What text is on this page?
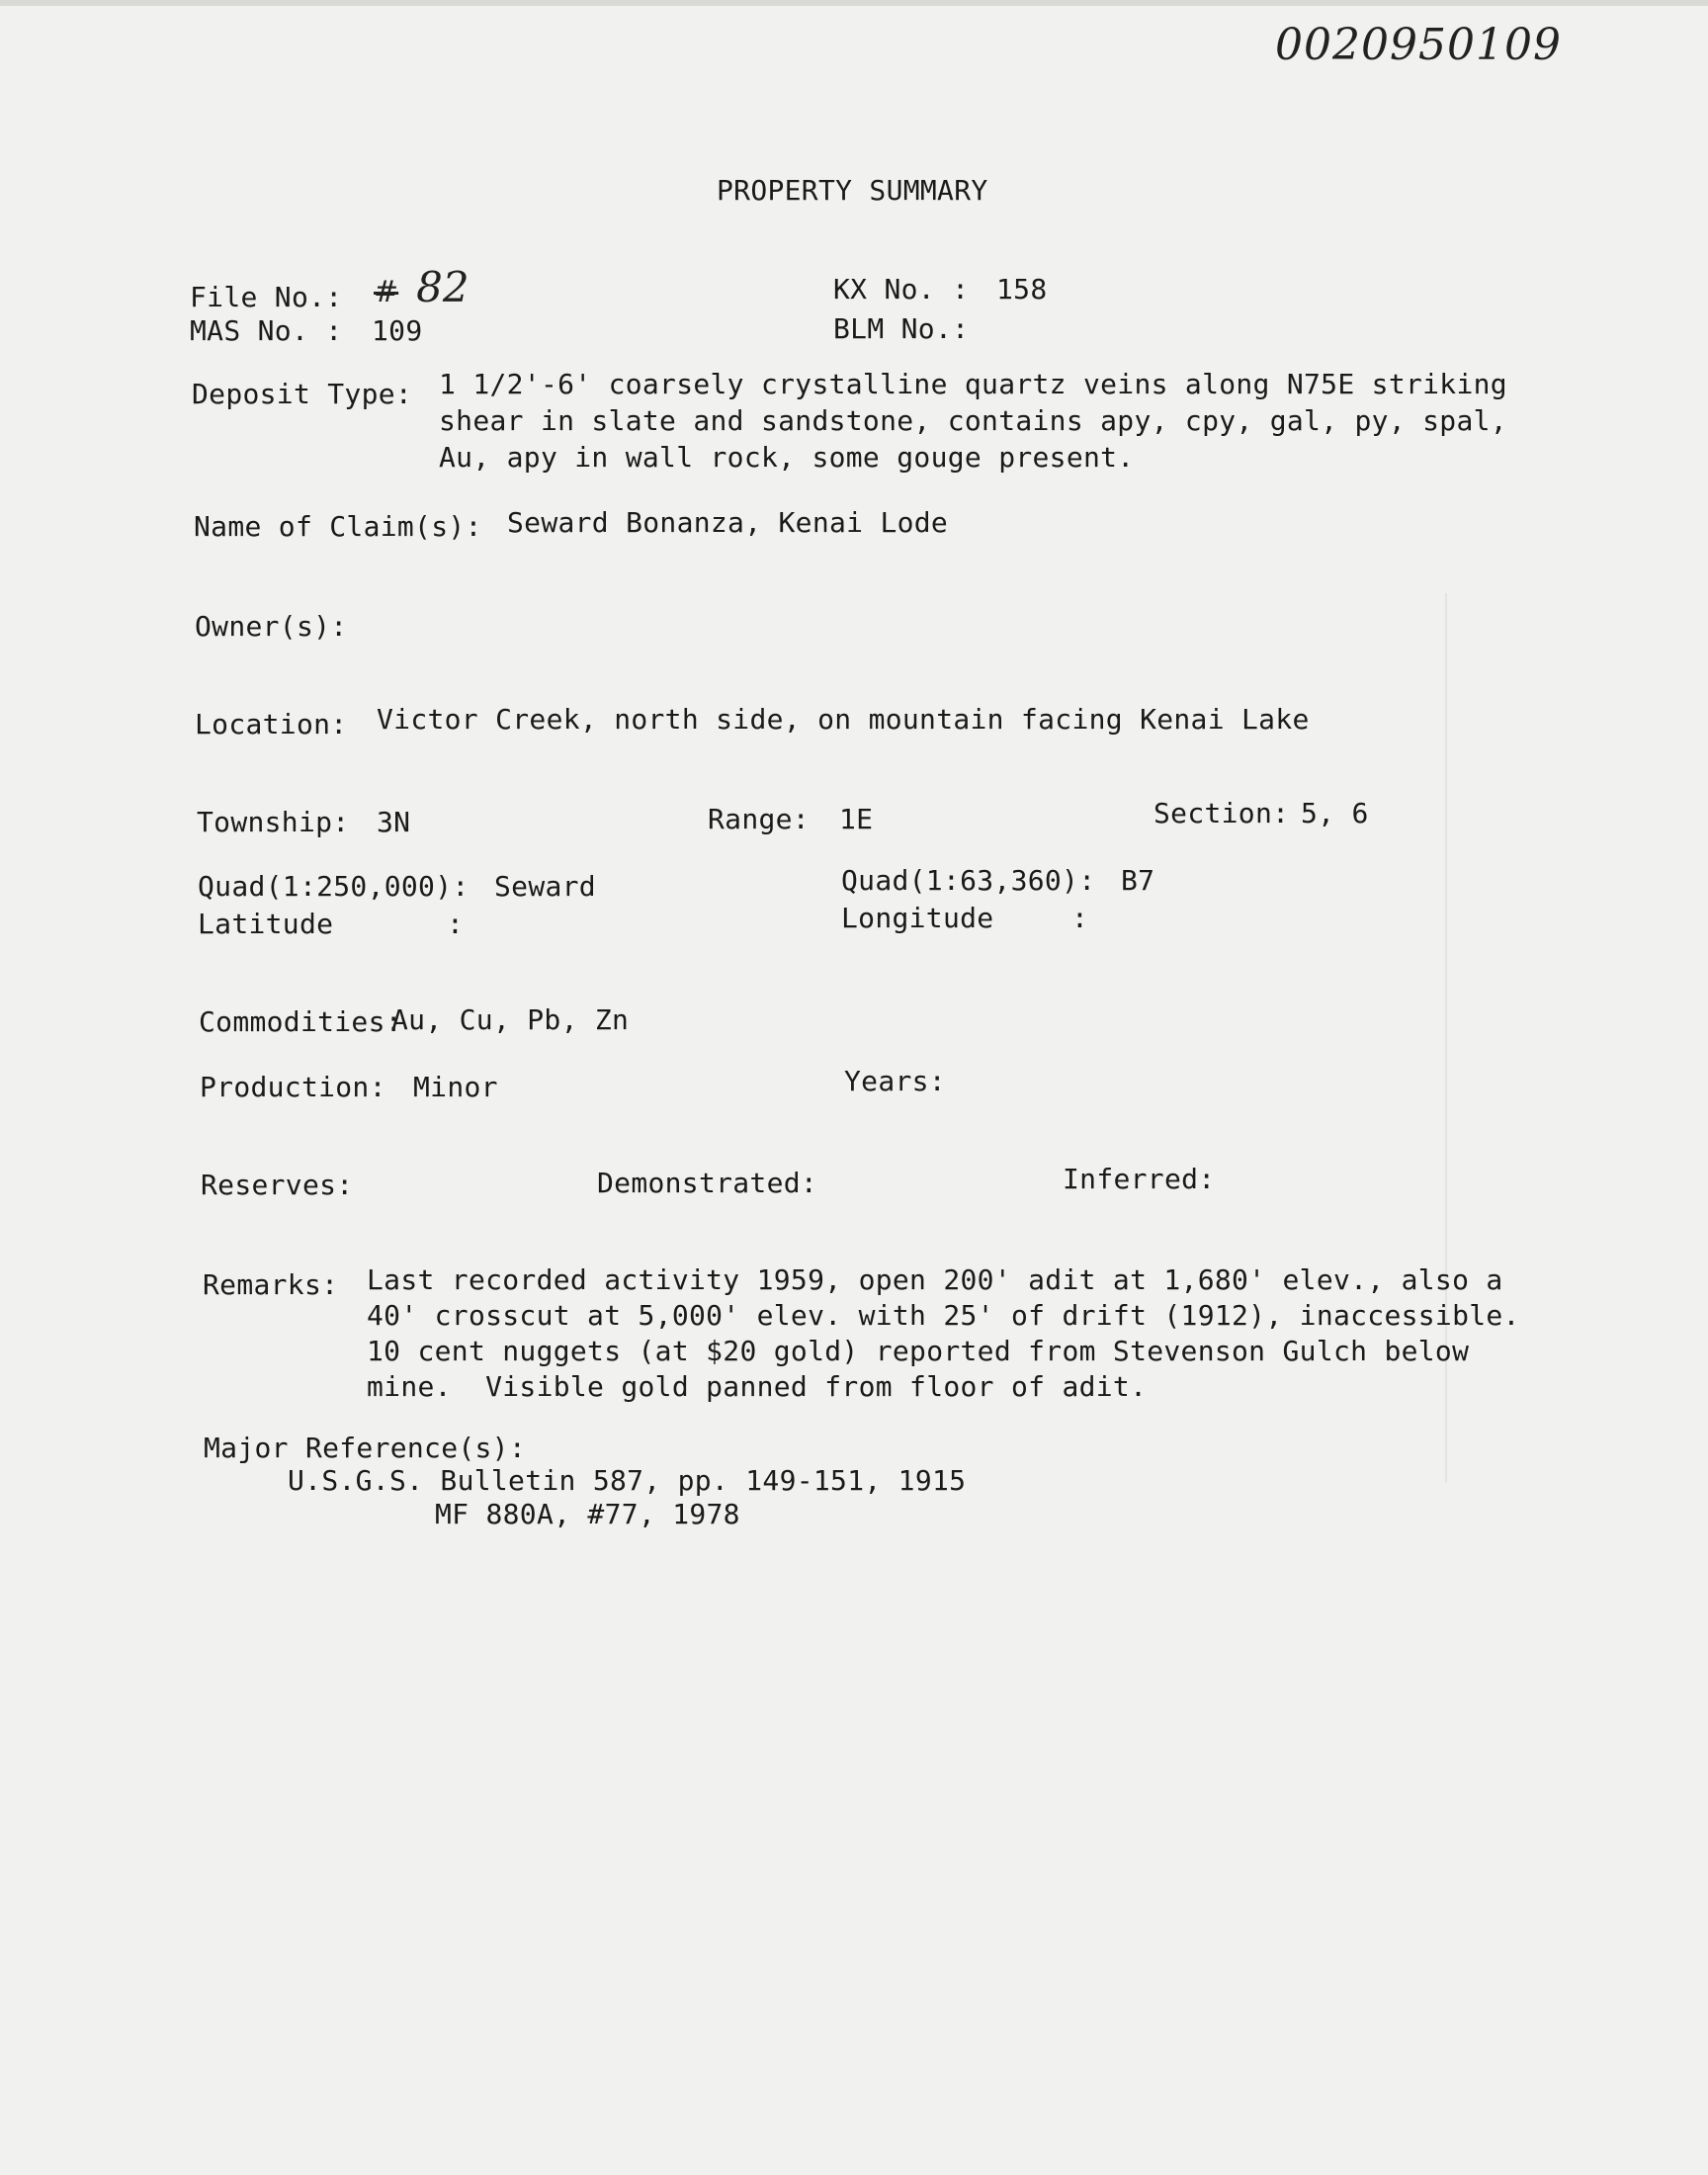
0020950109
PROPERTY SUMMARY
File No.: # 82
MAS No. : 109
KX No. : 158
BLM No.:
Deposit Type: 1 1/2'-6' coarsely crystalline quartz veins along N75E striking
shear in slate and sandstone, contains apy, cpy, gal, py, spal,
Au, apy in wall rock, some gouge present.
Name of Claim(s): Seward Bonanza, Kenai Lode
Owner(s):
Location: Victor Creek, north side, on mountain facing Kenai Lake
Township: 3N	Range: 1E	Section: 5, 6
Quad(1:250,000): Seward
Latitude	:
Quad(1:63,360): B7
Longitude	:
Commodities:
Au, Cu, Pb, Zn
Production: Minor	Years:
Reserves:	Demonstrated:	Inferred:
Remarks: Last recorded activity 1959, open 200' adit at 1,680' elev., also a
40' crosscut at 5,000' elev. with 25' of drift (1912), inaccessible.
10 cent nuggets (at $20 gold) reported from Stevenson Gulch below
mine.  Visible gold panned from floor of adit.
Major Reference(s):
U.S.G.S. Bulletin 587, pp. 149-151, 1915
MF 880A, #77, 1978
